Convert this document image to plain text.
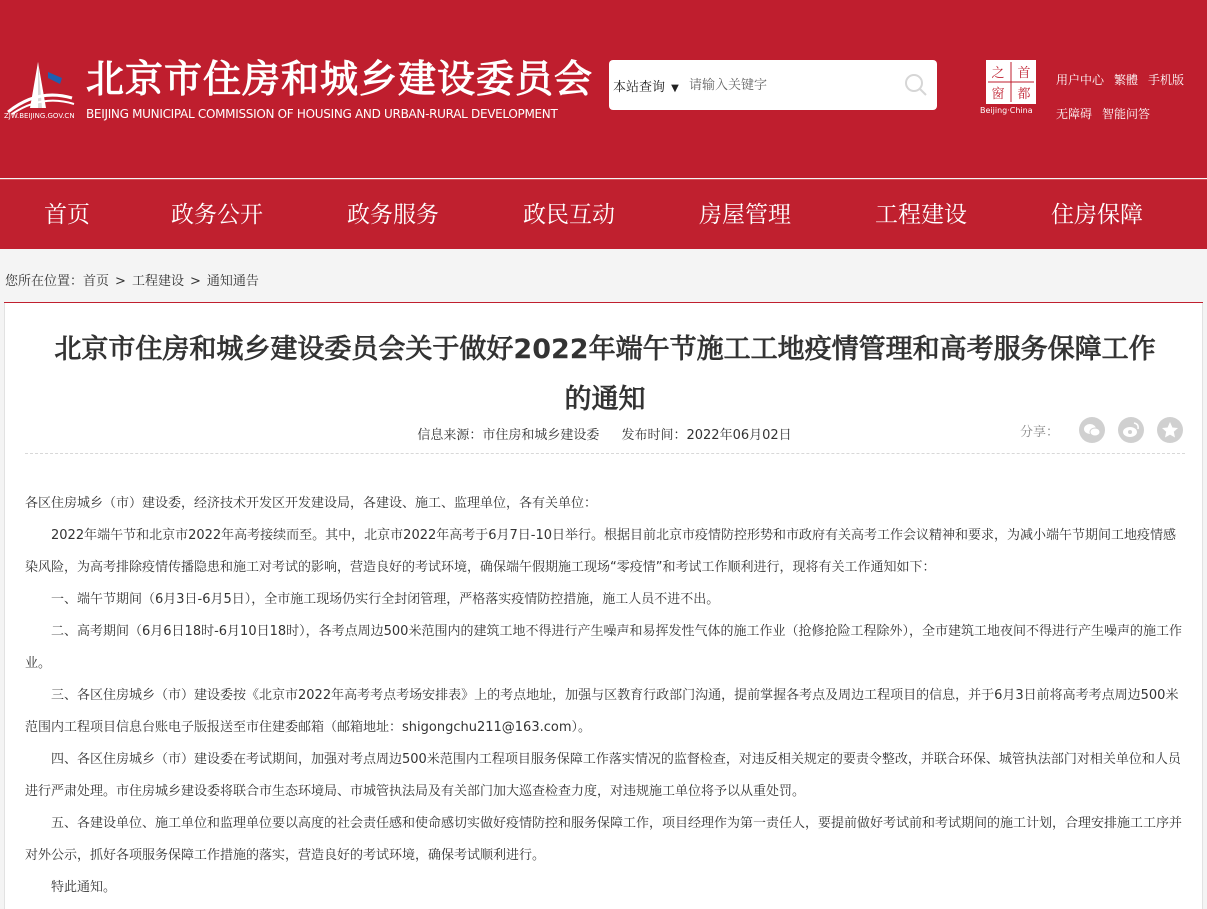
ZJW.BEIJING.GOV.CN
北京市住房和城乡建设委员会
BEIJING MUNICIPAL COMMISSION OF HOUSING AND URBAN-RURAL DEVELOPMENT
本站查询 ▼
请输入关键字
之 首
窗 都
Beijing·China
用户中心 繁體 手机版
无障碍 智能问答
首页	政务公开	政务服务	政民互动	房屋管理	工程建设	住房保障
您所在位置：首页 > 工程建设 > 通知通告
北京市住房和城乡建设委员会关于做好2022年端午节施工工地疫情管理和高考服务保障工作
的通知
信息来源：市住房和城乡建设委 发布时间：2022年06月02日	分享：

各区住房城乡（市）建设委，经济技术开发区开发建设局，各建设、施工、监理单位，各有关单位：

2022年端午节和北京市2022年高考接续而至。其中，北京市2022年高考于6月7日-10日举行。根据目前北京市疫情防控形势和市政府有关高考工作会议精神和要求，为减小端午节期间工地疫情感染风险，为高考排除疫情传播隐患和施工对考试的影响，营造良好的考试环境，确保端午假期施工现场“零疫情”和考试工作顺利进行，现将有关工作通知如下：

一、端午节期间（6月3日-6月5日），全市施工现场仍实行全封闭管理，严格落实疫情防控措施，施工人员不进不出。

二、高考期间（6月6日18时-6月10日18时），各考点周边500米范围内的建筑工地不得进行产生噪声和易挥发性气体的施工作业（抢修抢险工程除外），全市建筑工地夜间不得进行产生噪声的施工作业。

三、各区住房城乡（市）建设委按《北京市2022年高考考点考场安排表》上的考点地址，加强与区教育行政部门沟通，提前掌握各考点及周边工程项目的信息，并于6月3日前将高考考点周边500米范围内工程项目信息台账电子版报送至市住建委邮箱（邮箱地址：shigongchu211@163.com）。

四、各区住房城乡（市）建设委在考试期间，加强对考点周边500米范围内工程项目服务保障工作落实情况的监督检查，对违反相关规定的要责令整改，并联合环保、城管执法部门对相关单位和人员进行严肃处理。市住房城乡建设委将联合市生态环境局、市城管执法局及有关部门加大巡查检查力度，对违规施工单位将予以从重处罚。

五、各建设单位、施工单位和监理单位要以高度的社会责任感和使命感切实做好疫情防控和服务保障工作，项目经理作为第一责任人，要提前做好考试前和考试期间的施工计划，合理安排施工工序并对外公示，抓好各项服务保障工作措施的落实，营造良好的考试环境，确保考试顺利进行。

特此通知。
